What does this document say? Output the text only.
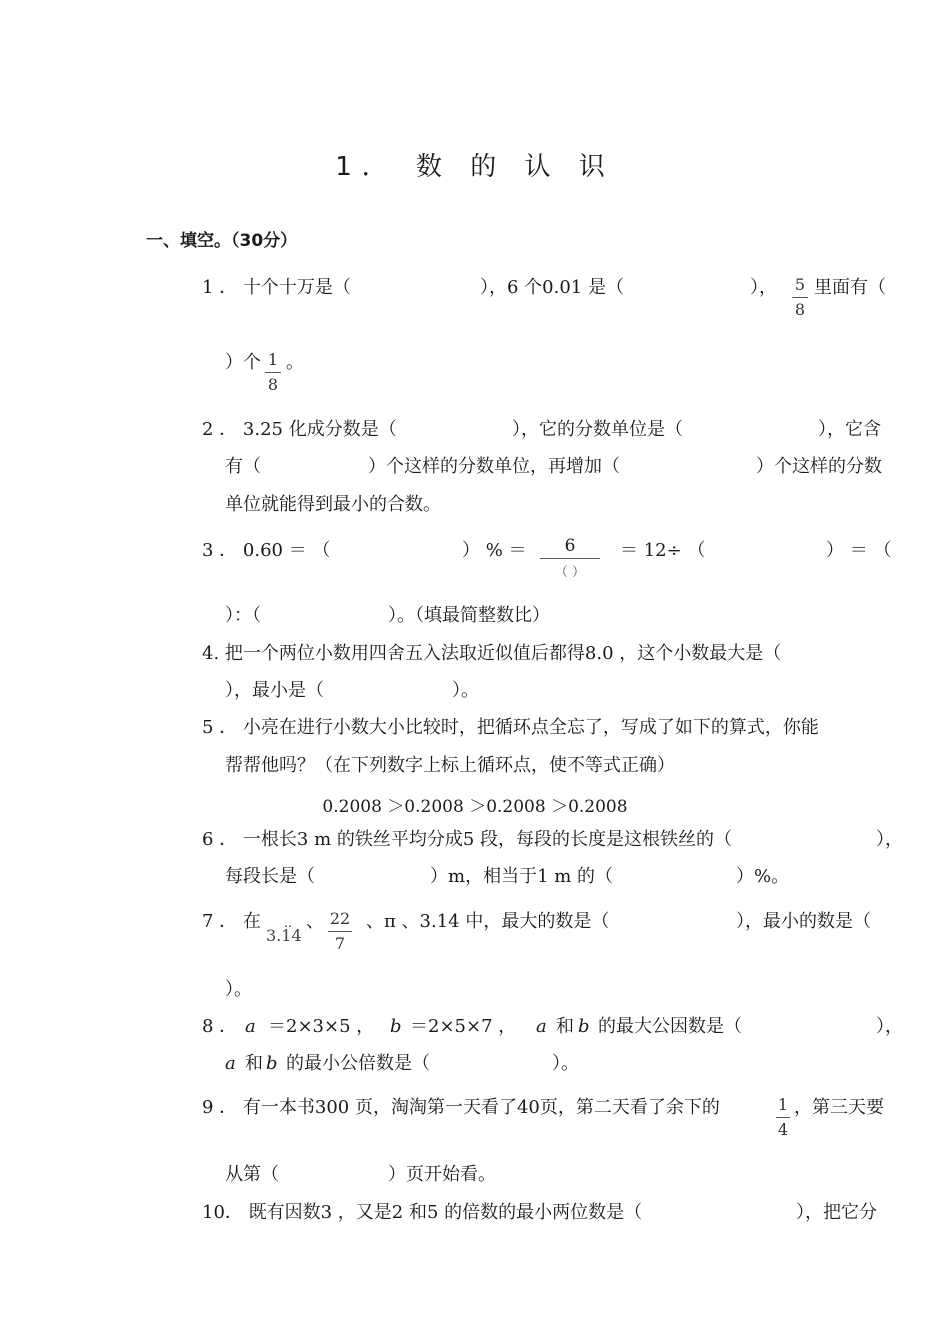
1． 数 的 认 识
一、填空。（30分）
1 ． 十个十万是（	），6 个0.01 是（	）， 5
8
里面有（
）个 1
8
。
2 ． 3.25 化成分数是（	），它的分数单位是（	），它含
有（	）个这样的分数单位，再增加（	）个这样的分数
单位就能得到最小的合数。
3 ． 0.60 ＝ （	） % ＝	6
（ ）
＝ 12÷ （	） ＝ （
）：（	）。（填最简整数比）
4. 把一个两位小数用四舍五入法取近似值后都得8.0 ，这个小数最大是（
），最小是（	）。
5 ． 小亮在进行小数大小比较时，把循环点全忘了，写成了如下的算式，你能
帮帮他吗？（在下列数字上标上循环点，使不等式正确）
0.2008 ＞0.2008 ＞0.2008 ＞0.2008
6 ． 一根长3 m 的铁丝平均分成5 段，每段的长度是这根铁丝的（	），
每段长是（	）m，相当于1 m 的（	）%。
7 ． 在 ‥
3.14
、 22
7
、π 、3.14 中，最大的数是（	），最小的数是（
）。
8 ． a ＝2×3×5 ， b ＝2×5×7 ， a 和 b 的最大公因数是（	），
a 和 b 的最小公倍数是（	）。
9 ． 有一本书300 页，淘淘第一天看了40页，第二天看了余下的	1
4
，第三天要
从第（	）页开始看。
10． 既有因数3 ，又是2 和5 的倍数的最小两位数是（	），把它分
